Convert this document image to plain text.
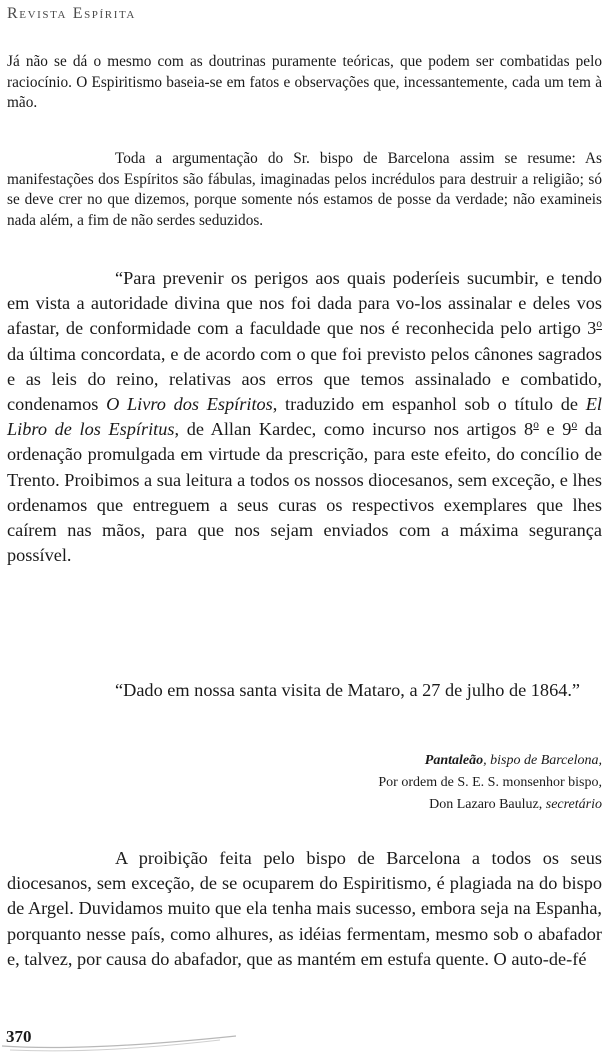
Revista Espírita

Já não se dá o mesmo com as doutrinas puramente teóricas, que podem ser combatidas pelo raciocínio. O Espiritismo baseia-se em fatos e observações que, incessantemente, cada um tem à mão.

Toda a argumentação do Sr. bispo de Barcelona assim se resume: As manifestações dos Espíritos são fábulas, imaginadas pelos incrédulos para destruir a religião; só se deve crer no que dizemos, porque somente nós estamos de posse da verdade; não examineis nada além, a fim de não serdes seduzidos.

“Para prevenir os perigos aos quais poderíeis sucumbir, e tendo em vista a autoridade divina que nos foi dada para vo-los assinalar e deles vos afastar, de conformidade com a faculdade que nos é reconhecida pelo artigo 3$^o$ da última concordata, e de acordo com o que foi previsto pelos cânones sagrados e as leis do reino, relativas aos erros que temos assinalado e combatido, condenamos O Livro dos Espíritos, traduzido em espanhol sob o título de El Libro de los Espíritus, de Allan Kardec, como incurso nos artigos 8$^o$ e 9$^o$ da ordenação promulgada em virtude da prescrição, para este efeito, do concílio de Trento. Proibimos a sua leitura a todos os nossos diocesanos, sem exceção, e lhes ordenamos que entreguem a seus curas os respectivos exemplares que lhes caírem nas mãos, para que nos sejam enviados com a máxima segurança possível.

“Dado em nossa santa visita de Mataro, a 27 de julho de 1864.”

Pantaleão, bispo de Barcelona,
Por ordem de S. E. S. monsenhor bispo,
Don Lazaro Bauluz, secretário

A proibição feita pelo bispo de Barcelona a todos os seus diocesanos, sem exceção, de se ocuparem do Espiritismo, é plagiada na do bispo de Argel. Duvidamos muito que ela tenha mais sucesso, embora seja na Espanha, porquanto nesse país, como alhures, as idéias fermentam, mesmo sob o abafador e, talvez, por causa do abafador, que as mantém em estufa quente. O auto-de-fé

370
